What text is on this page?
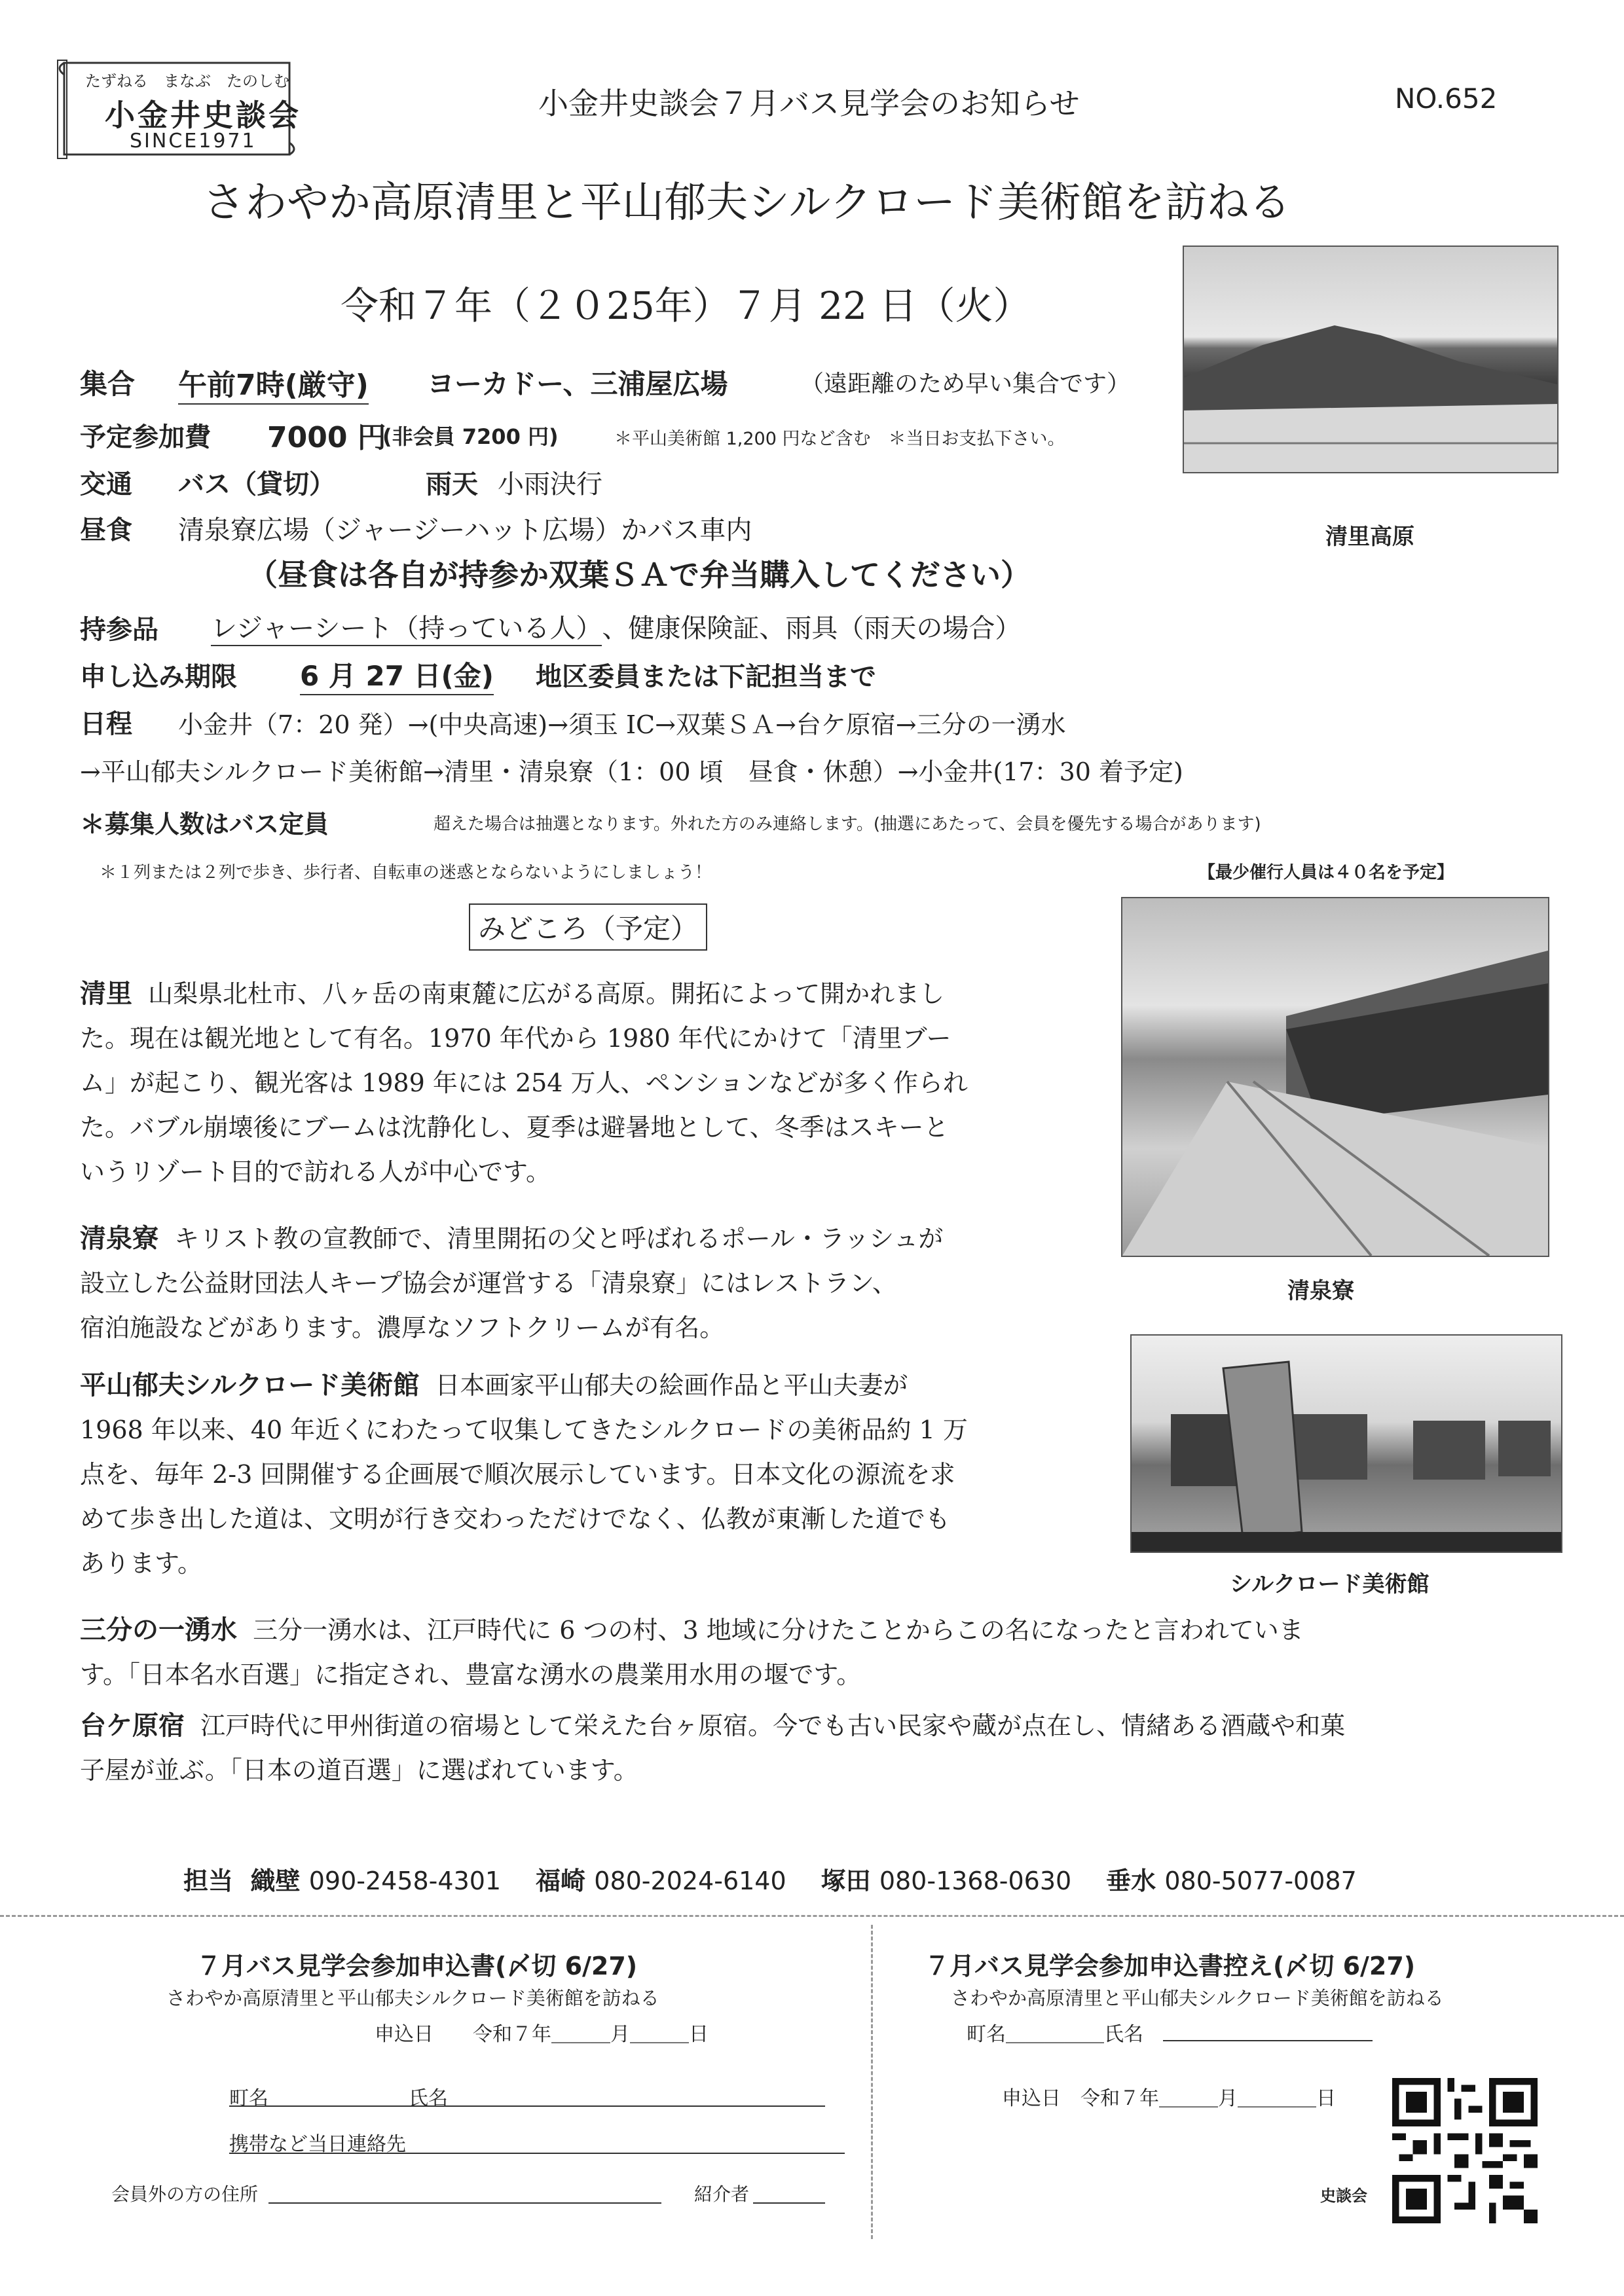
たずねる　まなぶ　たのしむ
小金井史談会
SINCE1971
小金井史談会７月バス見学会のお知らせ	NO.652
さわやか高原清里と平山郁夫シルクロード美術館を訪ねる
令和７年（２０25年）７月 22 日（火）
清里高原
清泉寮
シルクロード美術館
集合 午前7時(厳守) ヨーカドー、三浦屋広場	（遠距離のため早い集合です）
予定参加費 7000 円
(非会員 7200 円)	＊平山美術館 1,200 円など含む　＊当日お支払下さい。
交通 バス（貸切）	雨天 小雨決行
昼食 清泉寮広場（ジャージーハット広場）かバス車内
（昼食は各自が持参か双葉ＳＡで弁当購入してください）
持参品 レジャーシート（持っている人）、健康保険証、雨具（雨天の場合）
申し込み期限 6 月 27 日(金) 地区委員または下記担当まで
日程 小金井（7：20 発）→(中央高速)→須玉 IC→双葉ＳＡ→台ケ原宿→三分の一湧水
→平山郁夫シルクロード美術館→清里・清泉寮（1：00 頃　昼食・休憩）→小金井(17：30 着予定)
＊募集人数はバス定員	超えた場合は抽選となります。外れた方のみ連絡します。(抽選にあたって、会員を優先する場合があります)
＊１列または２列で歩き、歩行者、自転車の迷惑とならないようにしましょう！	【最少催行人員は４０名を予定】
みどころ（予定）
清里 山梨県北杜市、八ヶ岳の南東麓に広がる高原。開拓によって開かれまし
た。現在は観光地として有名。1970 年代から 1980 年代にかけて「清里ブー
ム」が起こり、観光客は 1989 年には 254 万人、ペンションなどが多く作られ
た。バブル崩壊後にブームは沈静化し、夏季は避暑地として、冬季はスキーと
いうリゾート目的で訪れる人が中心です。
清泉寮 キリスト教の宣教師で、清里開拓の父と呼ばれるポール・ラッシュが
設立した公益財団法人キープ協会が運営する「清泉寮」にはレストラン、
宿泊施設などがあります。濃厚なソフトクリームが有名。
平山郁夫シルクロード美術館 日本画家平山郁夫の絵画作品と平山夫妻が
1968 年以来、40 年近くにわたって収集してきたシルクロードの美術品約 1 万
点を、毎年 2-3 回開催する企画展で順次展示しています。日本文化の源流を求
めて歩き出した道は、文明が行き交わっただけでなく、仏教が東漸した道でも
あります。
三分の一湧水 三分一湧水は、江戸時代に 6 つの村、3 地域に分けたことからこの名になったと言われていま
す。「日本名水百選」に指定され、豊富な湧水の農業用水用の堰です。
台ケ原宿 江戸時代に甲州街道の宿場として栄えた台ヶ原宿。今でも古い民家や蔵が点在し、情緒ある酒蔵や和菓
子屋が並ぶ。「日本の道百選」に選ばれています。
担当 織壁 090-2458-4301 福崎 080-2024-6140 塚田 080-1368-0630 垂水 080-5077-0087
７月バス見学会参加申込書(〆切 6/27)
さわやか高原清里と平山郁夫シルクロード美術館を訪ねる
申込日　　令和７年＿＿＿月＿＿＿日
町名	氏名
携帯など当日連絡先
会員外の方の住所	紹介者
７月バス見学会参加申込書控え(〆切 6/27)
さわやか高原清里と平山郁夫シルクロード美術館を訪ねる
町名＿＿＿＿＿氏名
申込日　令和７年＿＿＿月＿＿＿＿日
史談会
